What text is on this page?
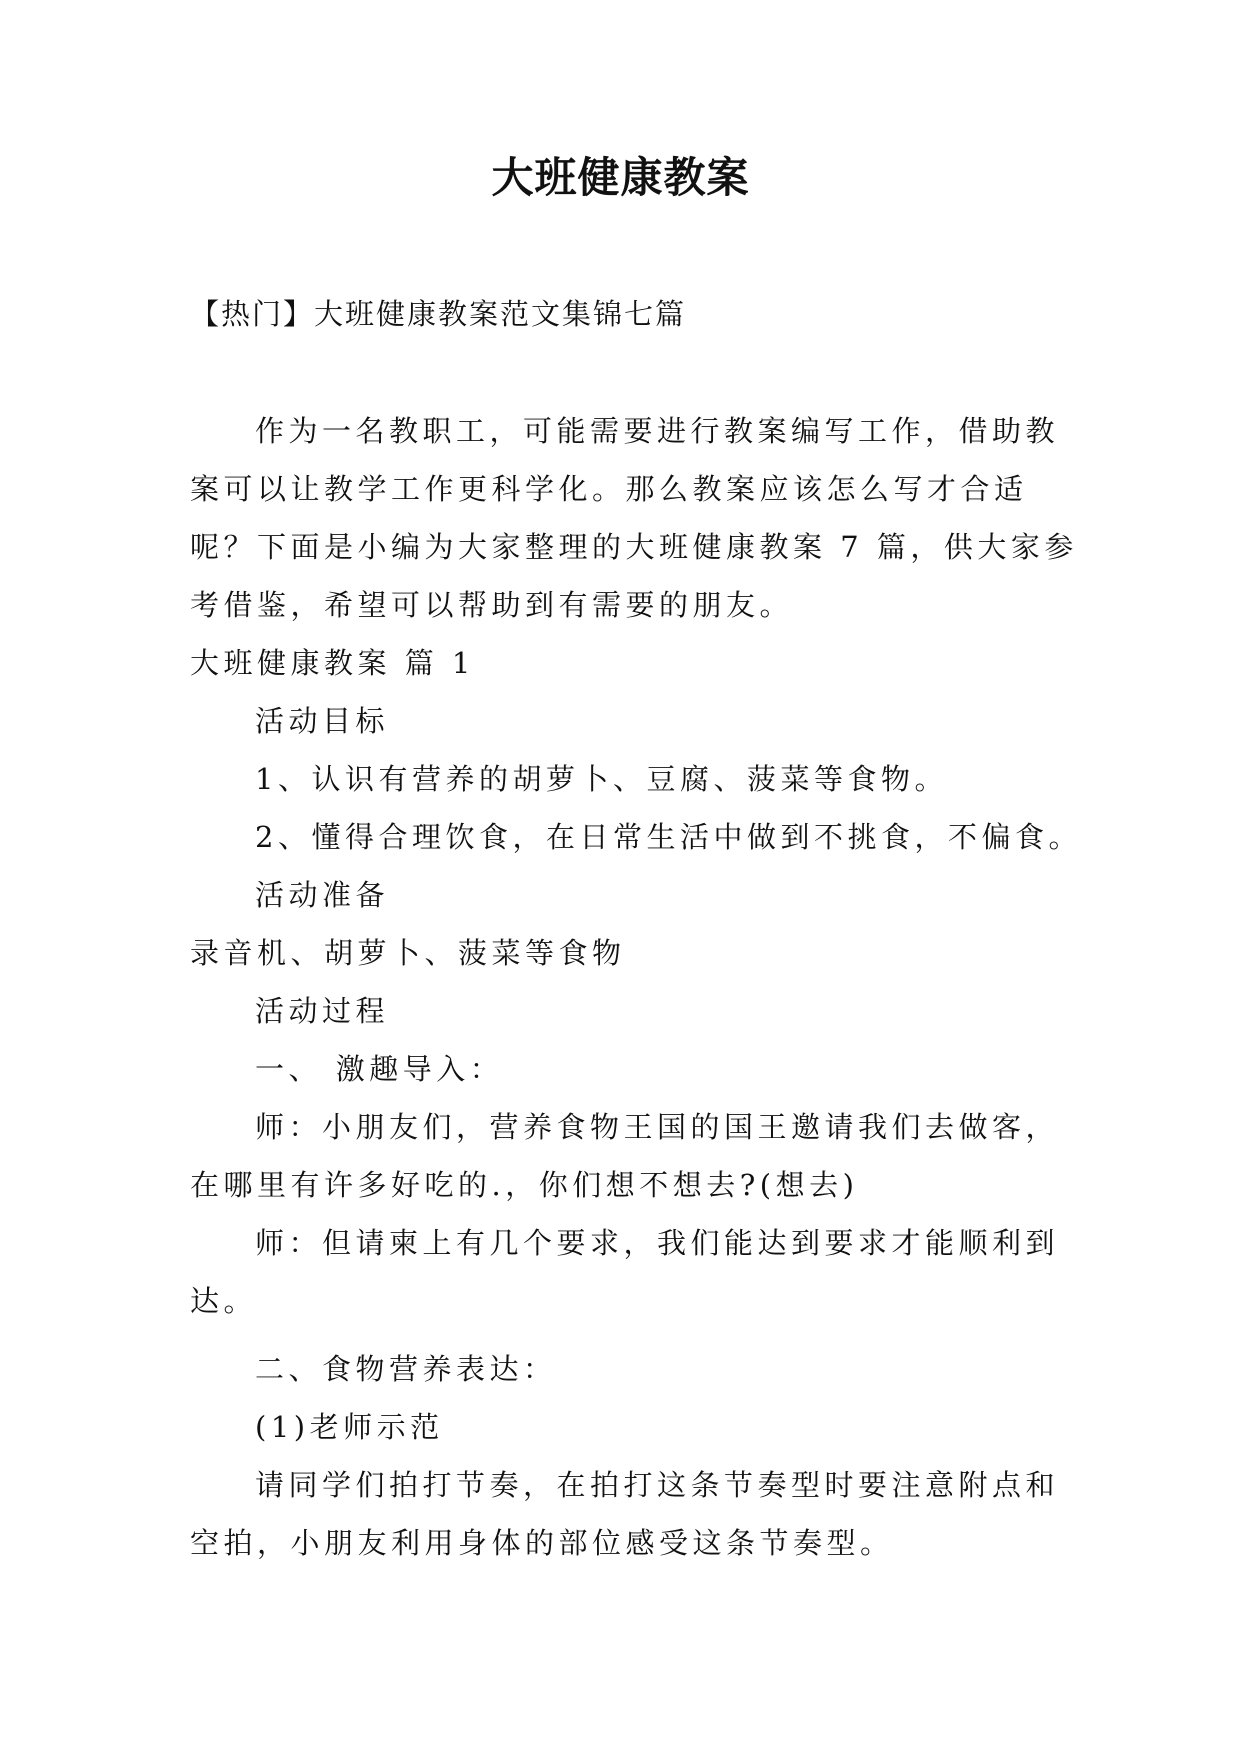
大班健康教案
【热门】大班健康教案范文集锦七篇
作为一名教职工，可能需要进行教案编写工作，借助教
案可以让教学工作更科学化。那么教案应该怎么写才合适
呢？下面是小编为大家整理的大班健康教案 7 篇，供大家参
考借鉴，希望可以帮助到有需要的朋友。
大班健康教案 篇 1
活动目标
1、认识有营养的胡萝卜、豆腐、菠菜等食物。
2、懂得合理饮食，在日常生活中做到不挑食，不偏食。
活动准备
录音机、胡萝卜、菠菜等食物
活动过程
一、 激趣导入：
师：小朋友们，营养食物王国的国王邀请我们去做客，
在哪里有许多好吃的.，你们想不想去?(想去)
师：但请柬上有几个要求，我们能达到要求才能顺利到
达。
二、食物营养表达：
(1)老师示范
请同学们拍打节奏，在拍打这条节奏型时要注意附点和
空拍，小朋友利用身体的部位感受这条节奏型。
